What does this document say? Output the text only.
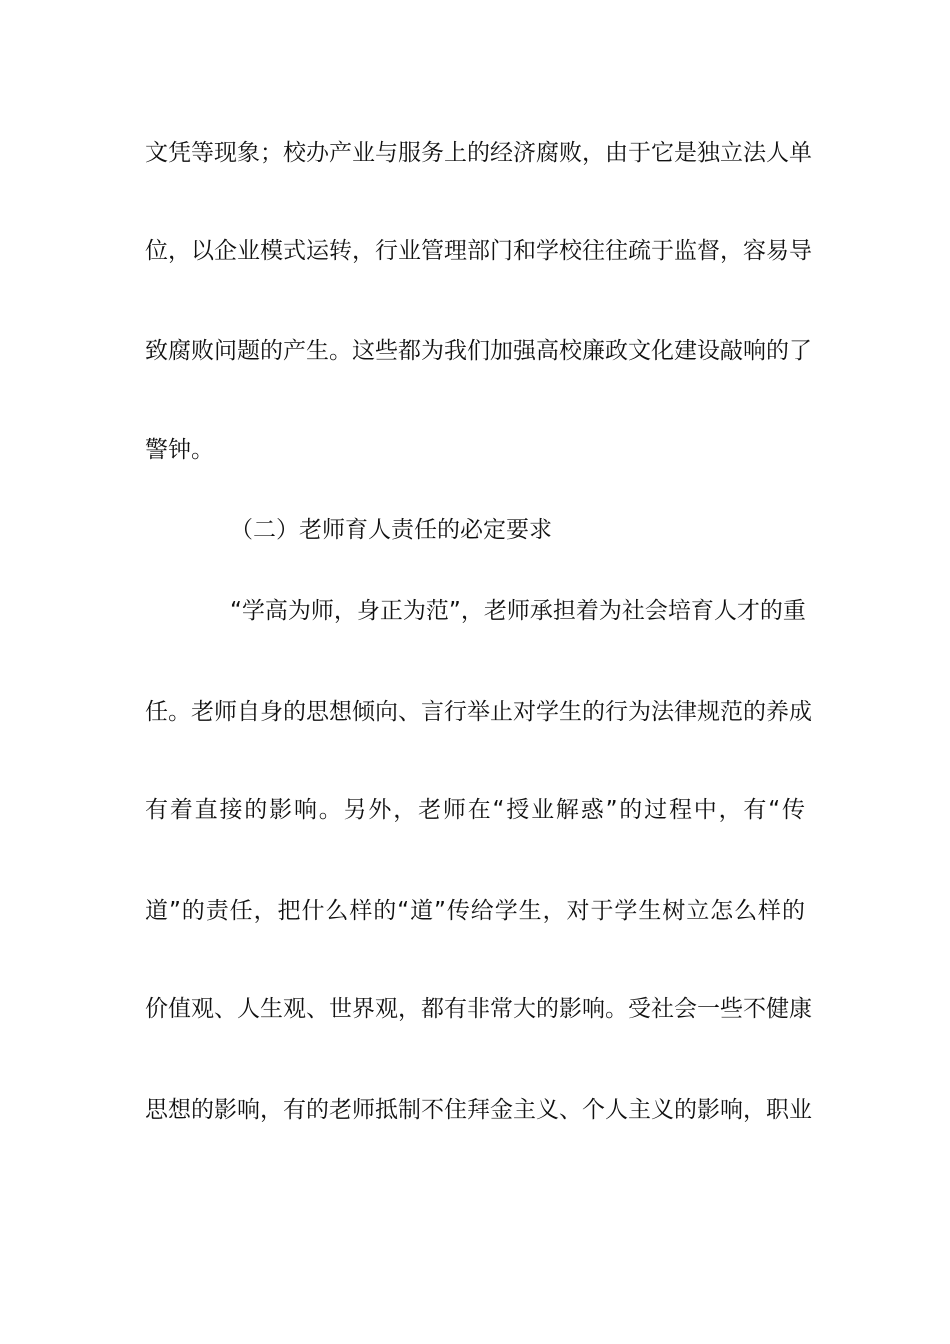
文凭等现象；校办产业与服务上的经济腐败，由于它是独立法人单
位，以企业模式运转，行业管理部门和学校往往疏于监督，容易导
致腐败问题的产生。这些都为我们加强高校廉政文化建设敲响的了
警钟。
（二）老师育人责任的必定要求
“学高为师，身正为范”，老师承担着为社会培育人才的重
任。老师自身的思想倾向、言行举止对学生的行为法律规范的养成
有着直接的影响。另外，老师在“授业解惑”的过程中，有“传
道”的责任，把什么样的“道”传给学生，对于学生树立怎么样的
价值观、人生观、世界观，都有非常大的影响。受社会一些不健康
思想的影响，有的老师抵制不住拜金主义、个人主义的影响，职业
